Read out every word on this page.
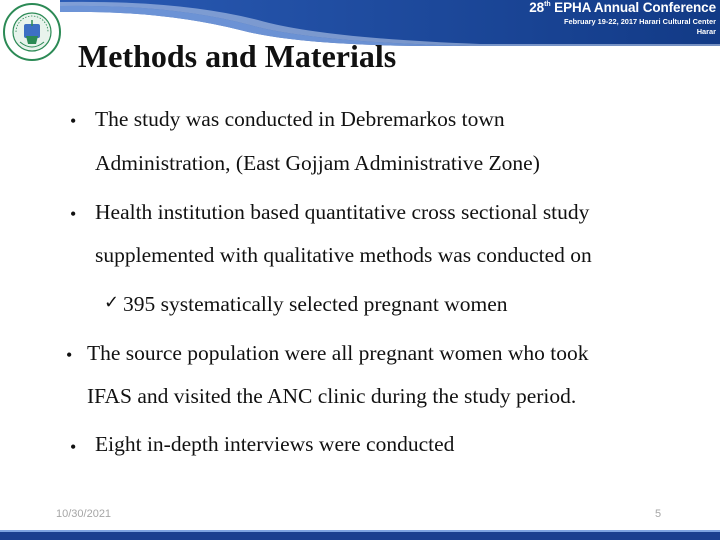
28th EPHA Annual Conference
February 19-22, 2017 Harari Cultural Center
Harar
Methods and Materials
• The study was conducted in Debremarkos town
Administration, (East Gojjam Administrative Zone)
• Health institution based quantitative cross sectional study
supplemented with qualitative methods was conducted on
✓ 395 systematically selected pregnant women
• The source population were all pregnant women who took
IFAS and visited the ANC clinic during the study period.
• Eight in-depth interviews were conducted
10/30/2021	5
